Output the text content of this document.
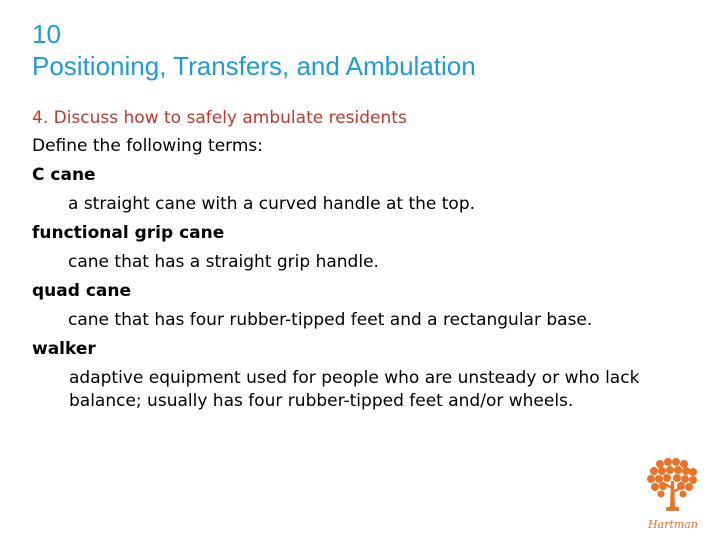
10
Positioning, Transfers, and Ambulation
4. Discuss how to safely ambulate residents
Define the following terms:
C cane
a straight cane with a curved handle at the top.
functional grip cane
cane that has a straight grip handle.
quad cane
cane that has four rubber-tipped feet and a rectangular base.
walker
adaptive equipment used for people who are unsteady or who lack balance; usually has four rubber-tipped feet and/or wheels.
Hartman
